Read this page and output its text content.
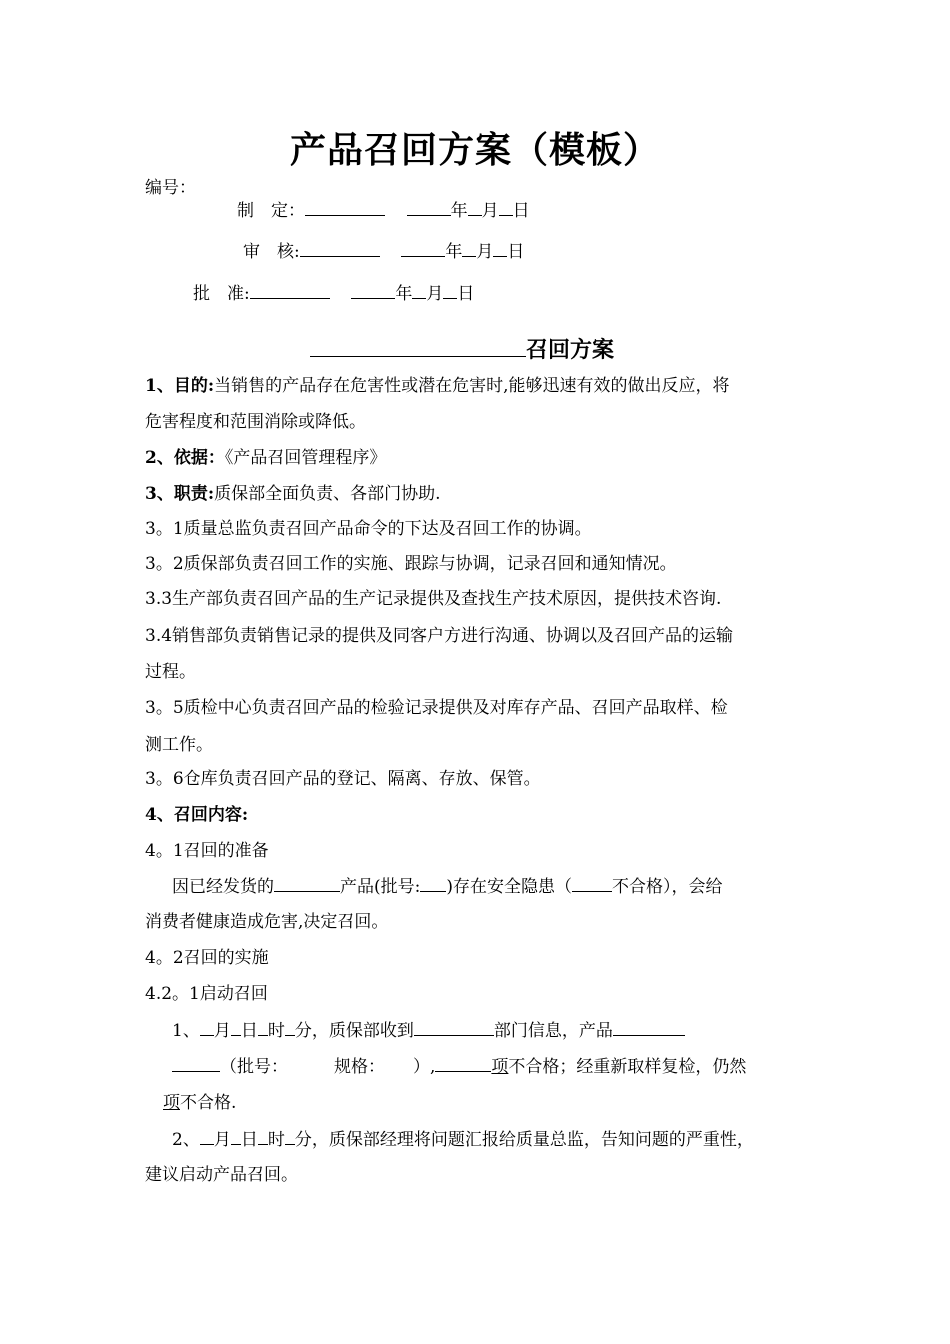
产品召回方案（模板）
编号：
制　定：	年 月 日
审　核:	年 月 日
批　准:	年 月 日
召回方案
1、目的:当销售的产品存在危害性或潜在危害时,能够迅速有效的做出反应，将
危害程度和范围消除或降低。
2、依据：《产品召回管理程序》
3、职责:质保部全面负责、各部门协助.
3。1质量总监负责召回产品命令的下达及召回工作的协调。
3。2质保部负责召回工作的实施、跟踪与协调，记录召回和通知情况。
3.3生产部负责召回产品的生产记录提供及查找生产技术原因，提供技术咨询.
3.4销售部负责销售记录的提供及同客户方进行沟通、协调以及召回产品的运输
过程。
3。5质检中心负责召回产品的检验记录提供及对库存产品、召回产品取样、检
测工作。
3。6仓库负责召回产品的登记、隔离、存放、保管。
4、召回内容:
4。1召回的准备
因已经发货的	产品(批号: )存在安全隐患（ 不合格），会给
消费者健康造成危害,决定召回。
4。2召回的实施
4.2。1启动召回
1、 月 日 时 分，质保部收到	部门信息，产品
（批号：	规格： ）,	项不合格；经重新取样复检，仍然
项不合格.
2、 月 日 时 分，质保部经理将问题汇报给质量总监，告知问题的严重性，
建议启动产品召回。
